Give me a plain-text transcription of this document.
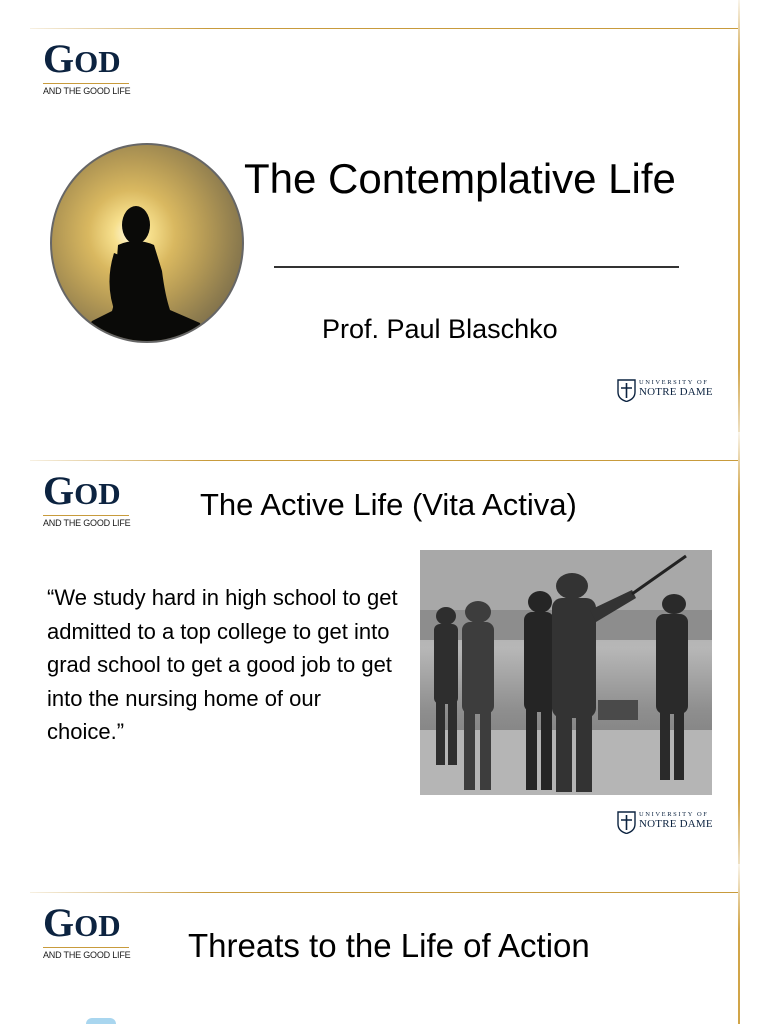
GOD
AND THE GOOD LIFE
The Contemplative Life
Prof. Paul Blaschko
UNIVERSITY OF
NOTRE DAME
GOD
AND THE GOOD LIFE
The Active Life (Vita Activa)
“We study hard in high school to get admitted to a top college to get into grad school to get a good job to get into the nursing home of our choice.”
UNIVERSITY OF
NOTRE DAME
GOD
AND THE GOOD LIFE	Threats to the Life of Action
